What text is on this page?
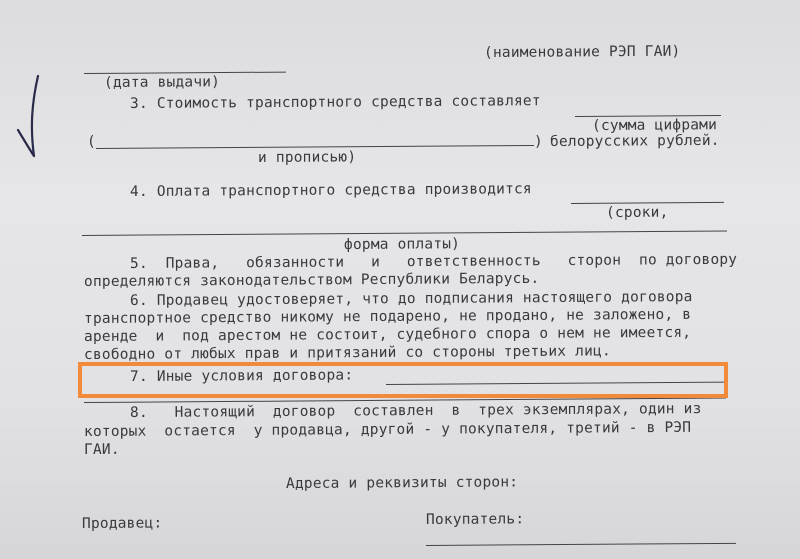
(наименование РЭП ГАИ)
(дата выдачи)
3. Стоимость транспортного средства составляет
(сумма цифрами
(	) белорусских рублей.
и прописью)
4. Оплата транспортного средства производится
(сроки,
форма оплаты)
5.  Права,   обязанности   и   ответственность   сторон  по договору
определяются законодательством Республики Беларусь.
6. Продавец удостоверяет, что до подписания настоящего договора
транспортное средство никому не подарено, не продано, не заложено, в
аренде  и  под арестом не состоит, судебного спора о нем не имеется,
свободно от любых прав и притязаний со стороны третьих лиц.
7. Иные условия договора:
8.   Настоящий  договор  составлен  в  трех экземплярах, один из
которых  остается  у продавца, другой - у покупателя, третий - в РЭП
ГАИ.
Адреса и реквизиты сторон:
Продавец:	Покупатель:
